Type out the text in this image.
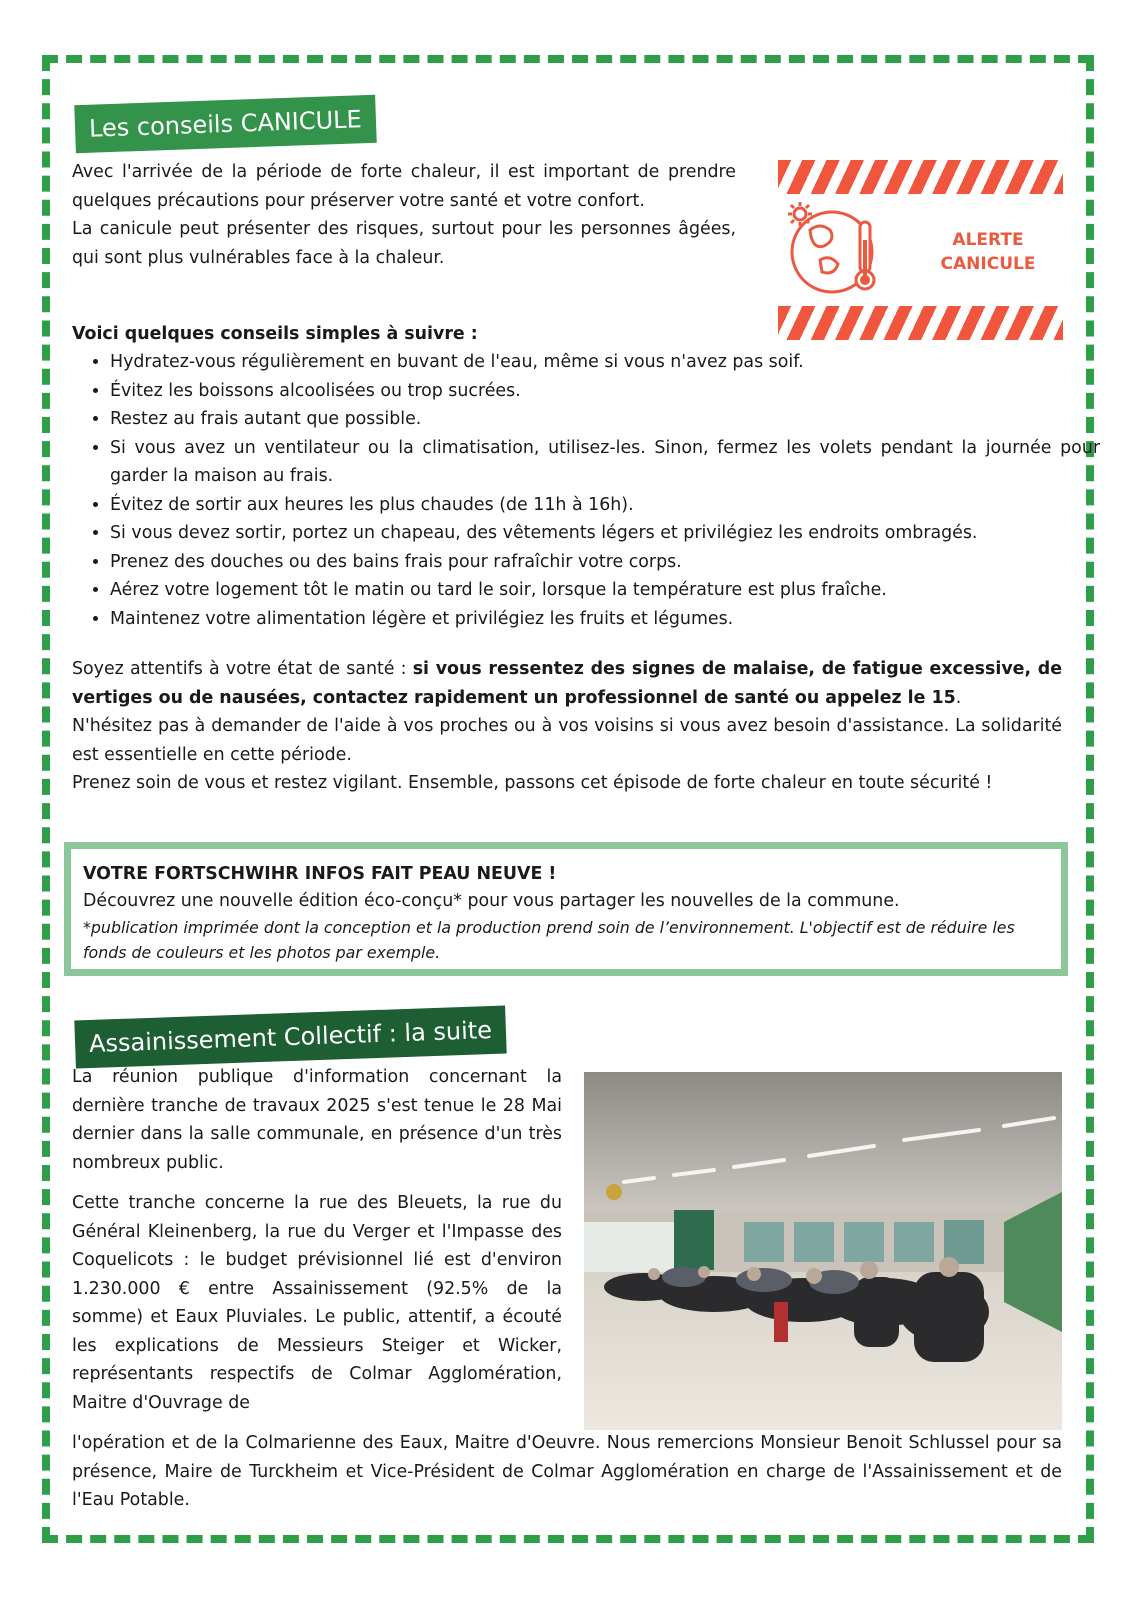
Les conseils CANICULE

Avec l'arrivée de la période de forte chaleur, il est important de prendre quelques précautions pour préserver votre santé et votre confort.

La canicule peut présenter des risques, surtout pour les personnes âgées, qui sont plus vulnérables face à la chaleur.

ALERTE
CANICULE
Voici quelques conseils simples à suivre :
• Hydratez-vous régulièrement en buvant de l'eau, même si vous n'avez pas soif.
• Évitez les boissons alcoolisées ou trop sucrées.
• Restez au frais autant que possible.
• Si vous avez un ventilateur ou la climatisation, utilisez-les. Sinon, fermez les volets pendant la journée pour garder la maison au frais.
• Évitez de sortir aux heures les plus chaudes (de 11h à 16h).
• Si vous devez sortir, portez un chapeau, des vêtements légers et privilégiez les endroits ombragés.
• Prenez des douches ou des bains frais pour rafraîchir votre corps.
• Aérez votre logement tôt le matin ou tard le soir, lorsque la température est plus fraîche.
• Maintenez votre alimentation légère et privilégiez les fruits et légumes.

Soyez attentifs à votre état de santé : si vous ressentez des signes de malaise, de fatigue excessive, de vertiges ou de nausées, contactez rapidement un professionnel de santé ou appelez le 15.

N'hésitez pas à demander de l'aide à vos proches ou à vos voisins si vous avez besoin d'assistance. La solidarité est essentielle en cette période.

Prenez soin de vous et restez vigilant. Ensemble, passons cet épisode de forte chaleur en toute sécurité !

VOTRE FORTSCHWIHR INFOS FAIT PEAU NEUVE !
Découvrez une nouvelle édition éco-conçu* pour vous partager les nouvelles de la commune.
*publication imprimée dont la conception et la production prend soin de l’environnement. L'objectif est de réduire les fonds de couleurs et les photos par exemple.
Assainissement Collectif : la suite

La réunion publique d'information concernant la dernière tranche de travaux 2025 s'est tenue le 28 Mai dernier dans la salle communale, en présence d'un très nombreux public.

Cette tranche concerne la rue des Bleuets, la rue du Général Kleinenberg, la rue du Verger et l'Impasse des Coquelicots : le budget prévisionnel lié est d'environ 1.230.000 € entre Assainissement (92.5% de la somme) et Eaux Pluviales. Le public, attentif, a écouté les explications de Messieurs Steiger et Wicker, représentants respectifs de Colmar Agglomération, Maitre d'Ouvrage de

l'opération et de la Colmarienne des Eaux, Maitre d'Oeuvre. Nous remercions Monsieur Benoit Schlussel pour sa présence, Maire de Turckheim et Vice-Président de Colmar Agglomération en charge de l'Assainissement et de l'Eau Potable.
